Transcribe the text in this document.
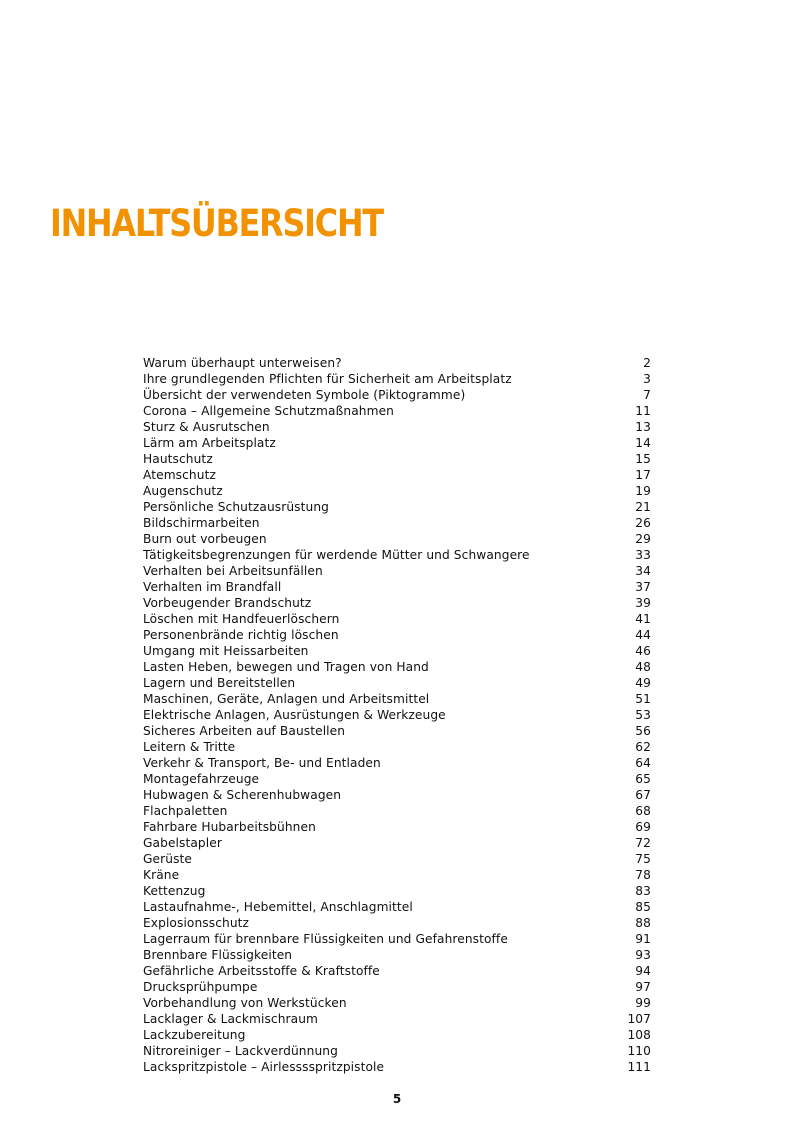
INHALTSÜBERSICHT
Warum überhaupt unterweisen?	2
Ihre grundlegenden Pflichten für Sicherheit am Arbeitsplatz	3
Übersicht der verwendeten Symbole (Piktogramme)	7
Corona – Allgemeine Schutzmaßnahmen	11
Sturz & Ausrutschen	13
Lärm am Arbeitsplatz	14
Hautschutz	15
Atemschutz	17
Augenschutz	19
Persönliche Schutzausrüstung	21
Bildschirmarbeiten	26
Burn out vorbeugen	29
Tätigkeitsbegrenzungen für werdende Mütter und Schwangere	33
Verhalten bei Arbeitsunfällen	34
Verhalten im Brandfall	37
Vorbeugender Brandschutz	39
Löschen mit Handfeuerlöschern	41
Personenbrände richtig löschen	44
Umgang mit Heissarbeiten	46
Lasten Heben, bewegen und Tragen von Hand	48
Lagern und Bereitstellen	49
Maschinen, Geräte, Anlagen und Arbeitsmittel	51
Elektrische Anlagen, Ausrüstungen & Werkzeuge	53
Sicheres Arbeiten auf Baustellen	56
Leitern & Tritte	62
Verkehr & Transport, Be- und Entladen	64
Montagefahrzeuge	65
Hubwagen & Scherenhubwagen	67
Flachpaletten	68
Fahrbare Hubarbeitsbühnen	69
Gabelstapler	72
Gerüste	75
Kräne	78
Kettenzug	83
Lastaufnahme-, Hebemittel, Anschlagmittel	85
Explosionsschutz	88
Lagerraum für brennbare Flüssigkeiten und Gefahrenstoffe	91
Brennbare Flüssigkeiten	93
Gefährliche Arbeitsstoffe & Kraftstoffe	94
Drucksprühpumpe	97
Vorbehandlung von Werkstücken	99
Lacklager & Lackmischraum	107
Lackzubereitung	108
Nitroreiniger – Lackverdünnung	110
Lackspritzpistole – Airlesssspritzpistole	111
5
